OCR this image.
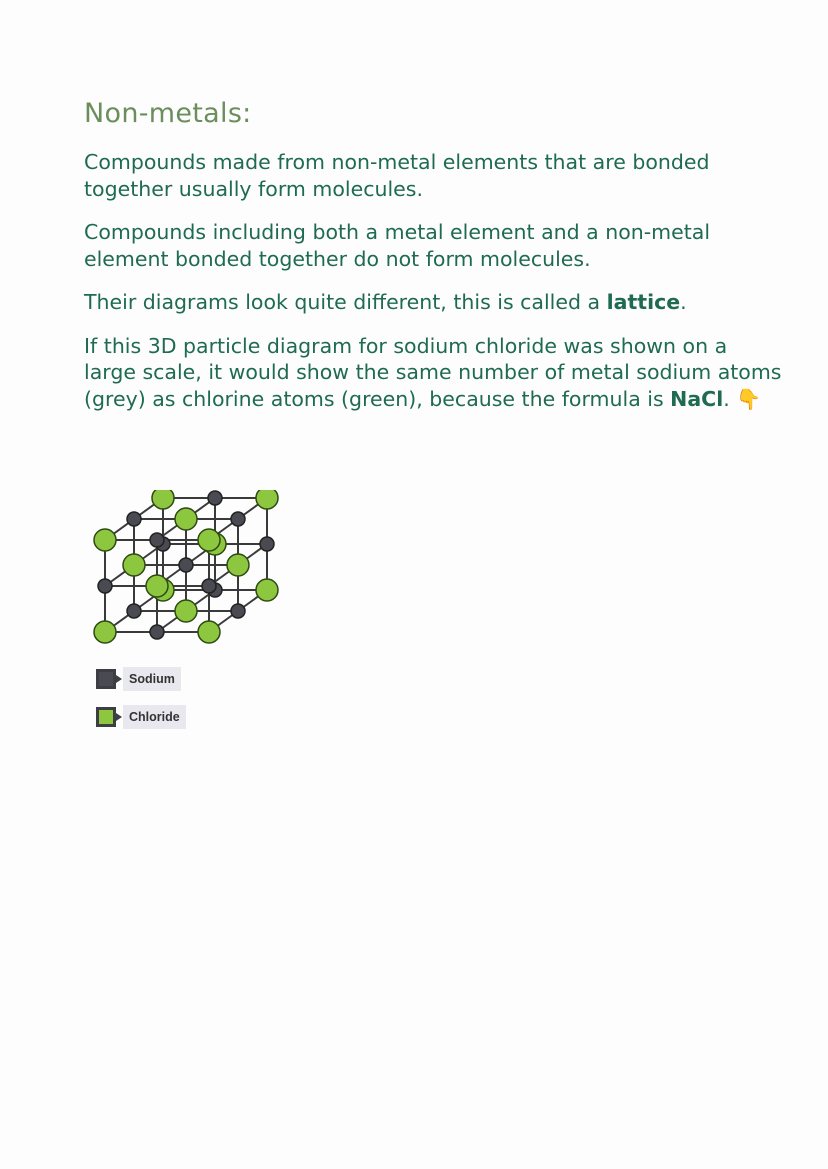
Non-metals:

Compounds made from non-metal elements that are bonded together usually form molecules.

Compounds including both a metal element and a non-metal element bonded together do not form molecules.

Their diagrams look quite different, this is called a lattice.

If this 3D particle diagram for sodium chloride was shown on a large scale, it would show the same number of metal sodium atoms (grey) as chlorine atoms (green), because the formula is NaCl. 👇

Sodium
Chloride
